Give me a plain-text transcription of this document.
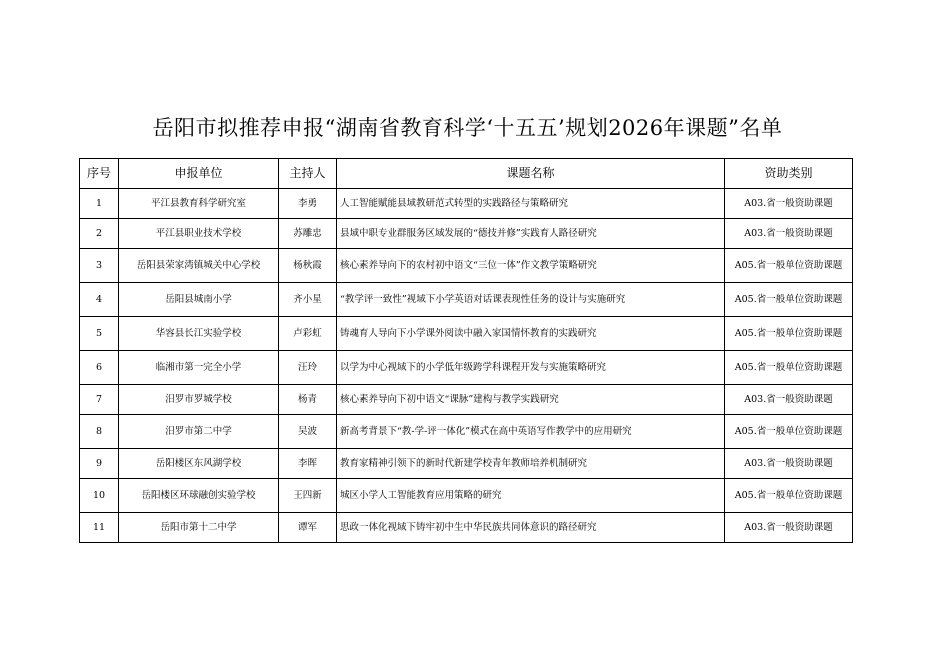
岳阳市拟推荐申报“湖南省教育科学‘十五五’规划2026年课题”名单
序号	申报单位	主持人	课题名称	资助类别
1	平江县教育科学研究室	李勇	人工智能赋能县域教研范式转型的实践路径与策略研究	A03.省一般资助课题
2	平江县职业技术学校	苏雕忠	县域中职专业群服务区域发展的“德技并修”实践育人路径研究	A03.省一般资助课题
3	岳阳县荣家湾镇城关中心学校	杨秋霞	核心素养导向下的农村初中语文“三位一体”作文教学策略研究	A05.省一般单位资助课题
4	岳阳县城南小学	齐小星	“教学评一致性”视域下小学英语对话课表现性任务的设计与实施研究	A05.省一般单位资助课题
5	华容县长江实验学校	卢彩虹	铸魂育人导向下小学课外阅读中融入家国情怀教育的实践研究	A05.省一般单位资助课题
6	临湘市第一完全小学	汪玲	以学为中心视域下的小学低年级跨学科课程开发与实施策略研究	A05.省一般单位资助课题
7	汨罗市罗城学校	杨青	核心素养导向下初中语文“课脉”建构与教学实践研究	A03.省一般资助课题
8	汨罗市第二中学	吴波	新高考背景下“教-学-评一体化”模式在高中英语写作教学中的应用研究	A05.省一般单位资助课题
9	岳阳楼区东风湖学校	李晖	教育家精神引领下的新时代新建学校青年教师培养机制研究	A03.省一般资助课题
10	岳阳楼区环球融创实验学校	王四新	城区小学人工智能教育应用策略的研究	A05.省一般单位资助课题
11	岳阳市第十二中学	谭军	思政一体化视域下铸牢初中生中华民族共同体意识的路径研究	A03.省一般资助课题
